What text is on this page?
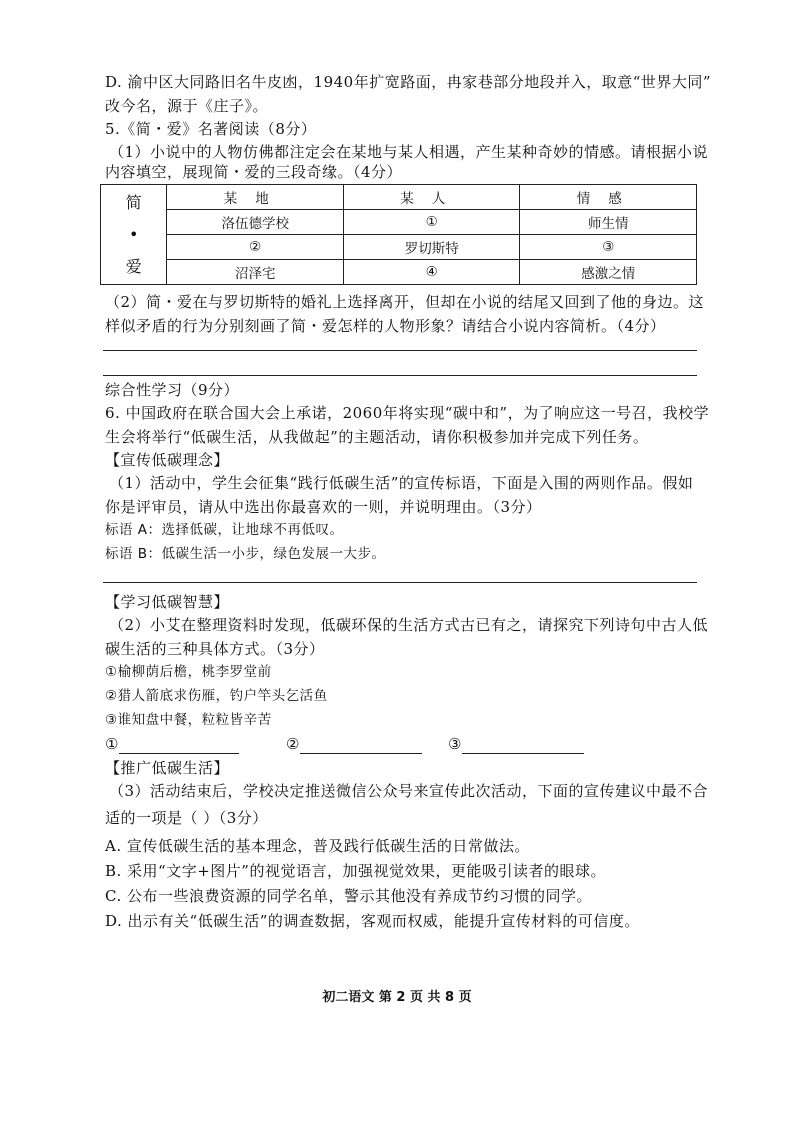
D. 渝中区大同路旧名牛皮凼，1940年扩宽路面，冉家巷部分地段并入，取意“世界大同”
改今名，源于《庄子》。
5.《简・爱》名著阅读（8分）
（1）小说中的人物仿佛都注定会在某地与某人相遇，产生某种奇妙的情感。请根据小说
内容填空，展现简・爱的三段奇缘。（4分）
简
•
爱	某地	某人	情感
	洛伍德学校	①	师生情
	②	罗切斯特	③
	沼泽宅	④	感激之情
（2）简・爱在与罗切斯特的婚礼上选择离开，但却在小说的结尾又回到了他的身边。这
样似矛盾的行为分别刻画了简・爱怎样的人物形象？请结合小说内容简析。（4分）
综合性学习（9分）
6. 中国政府在联合国大会上承诺，2060年将实现“碳中和”，为了响应这一号召，我校学
生会将举行“低碳生活，从我做起”的主题活动，请你积极参加并完成下列任务。
【宣传低碳理念】
（1）活动中，学生会征集“践行低碳生活”的宣传标语，下面是入围的两则作品。假如
你是评审员，请从中选出你最喜欢的一则，并说明理由。（3分）
标语 A：选择低碳，让地球不再低叹。
标语 B：低碳生活一小步，绿色发展一大步。
【学习低碳智慧】
（2）小艾在整理资料时发现，低碳环保的生活方式古已有之，请探究下列诗句中古人低
碳生活的三种具体方式。（3分）
①榆柳荫后檐，桃李罗堂前
②猎人箭底求伤雁，钓户竿头乞活鱼
③谁知盘中餐，粒粒皆辛苦
①	②	③
【推广低碳生活】
（3）活动结束后，学校决定推送微信公众号来宣传此次活动，下面的宣传建议中最不合
适的一项是（ ）（3分）
A. 宣传低碳生活的基本理念，普及践行低碳生活的日常做法。
B. 采用“文字+图片”的视觉语言，加强视觉效果，更能吸引读者的眼球。
C. 公布一些浪费资源的同学名单，警示其他没有养成节约习惯的同学。
D. 出示有关“低碳生活”的调查数据，客观而权威，能提升宣传材料的可信度。
初二语文 第 2 页 共 8 页
